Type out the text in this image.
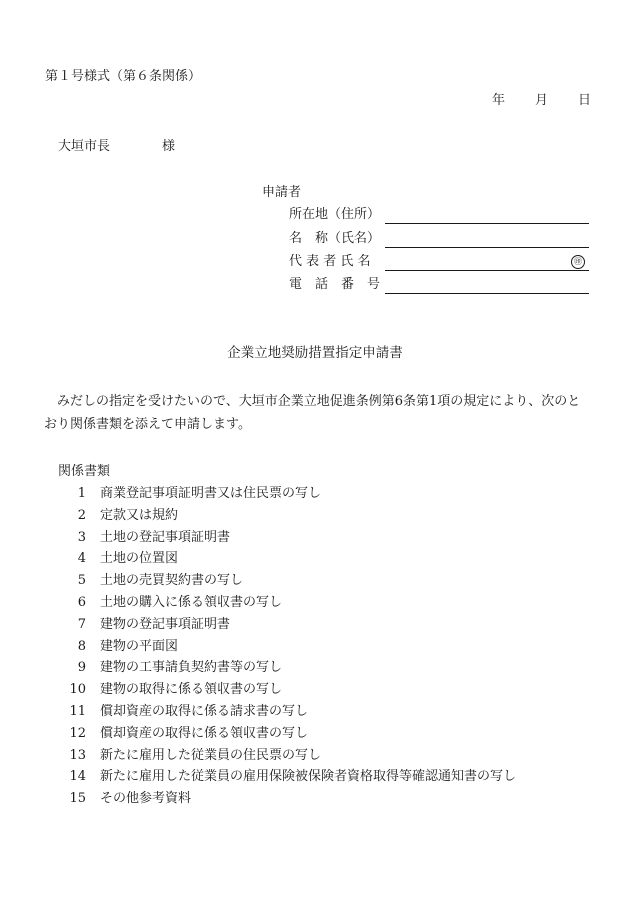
第１号様式（第６条関係）
年 月 日
大垣市長	様
申請者
所在地（住所）
名　称（氏名）
代 表 者 氏 名	㊞
電　話　番　号
企業立地奨励措置指定申請書
みだしの指定を受けたいので、大垣市企業立地促進条例第6条第1項の規定により、次のとおり関係書類を添えて申請します。
関係書類
1 商業登記事項証明書又は住民票の写し
2 定款又は規約
3 土地の登記事項証明書
4 土地の位置図
5 土地の売買契約書の写し
6 土地の購入に係る領収書の写し
7 建物の登記事項証明書
8 建物の平面図
9 建物の工事請負契約書等の写し
10 建物の取得に係る領収書の写し
11 償却資産の取得に係る請求書の写し
12 償却資産の取得に係る領収書の写し
13 新たに雇用した従業員の住民票の写し
14 新たに雇用した従業員の雇用保険被保険者資格取得等確認通知書の写し
15 その他参考資料
